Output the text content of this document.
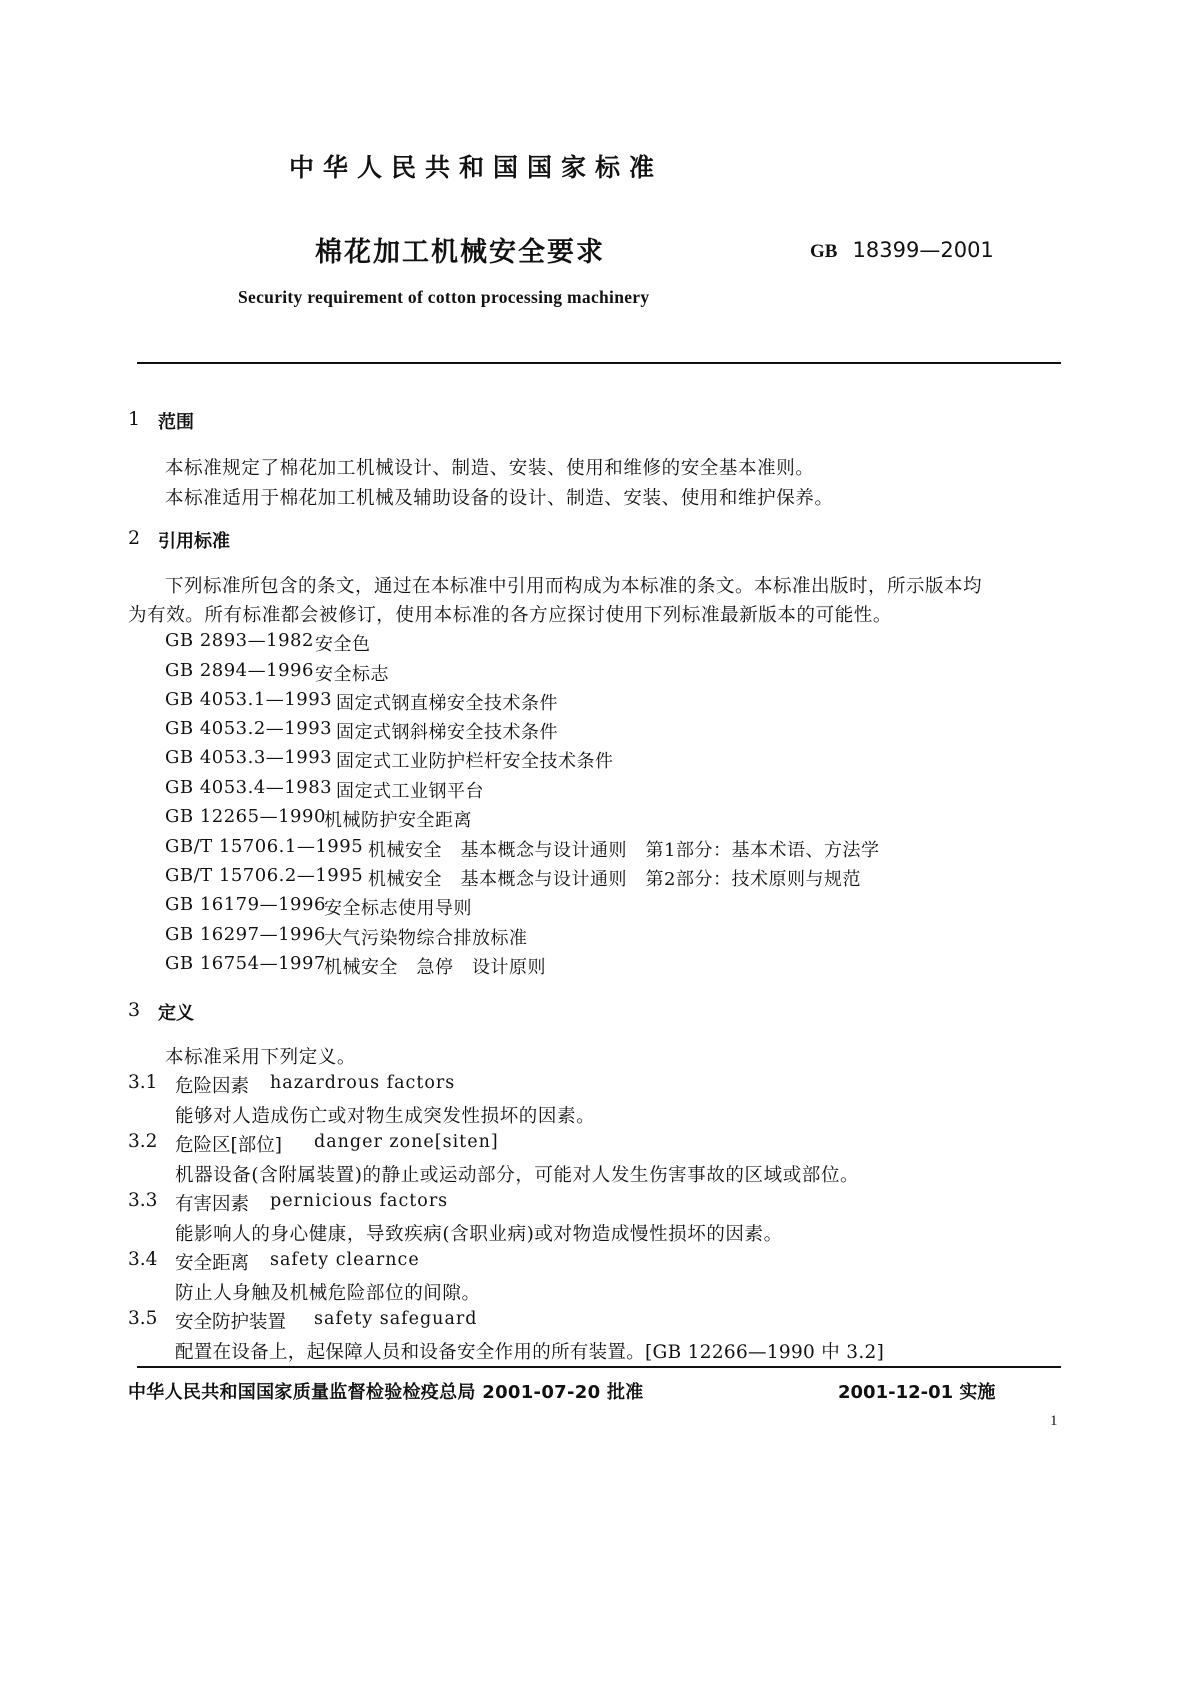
中华人民共和国国家标准
棉花加工机械安全要求	GB 18399—2001
Security requirement of cotton processing machinery
1 范围
本标准规定了棉花加工机械设计、制造、安装、使用和维修的安全基本准则。
本标准适用于棉花加工机械及辅助设备的设计、制造、安装、使用和维护保养。
2 引用标准
下列标准所包含的条文，通过在本标准中引用而构成为本标准的条文。本标准出版时，所示版本均
为有效。所有标准都会被修订，使用本标准的各方应探讨使用下列标准最新版本的可能性。
GB 2893—1982 安全色
GB 2894—1996 安全标志
GB 4053.1—1993 固定式钢直梯安全技术条件
GB 4053.2—1993 固定式钢斜梯安全技术条件
GB 4053.3—1993 固定式工业防护栏杆安全技术条件
GB 4053.4—1983 固定式工业钢平台
GB 12265—1990
机械防护安全距离
GB/T 15706.1—1995 机械安全　基本概念与设计通则　第1部分：基本术语、方法学
GB/T 15706.2—1995 机械安全　基本概念与设计通则　第2部分：技术原则与规范
GB 16179—1996
安全标志使用导则
GB 16297—1996
大气污染物综合排放标准
GB 16754—1997
机械安全　急停　设计原则
3 定义
本标准采用下列定义。
3.1 危险因素 hazardrous factors
能够对人造成伤亡或对物生成突发性损坏的因素。
3.2 危险区[部位] danger zone[siten]
机器设备(含附属装置)的静止或运动部分，可能对人发生伤害事故的区域或部位。
3.3 有害因素 pernicious factors
能影响人的身心健康，导致疾病(含职业病)或对物造成慢性损坏的因素。
3.4 安全距离 safety clearnce
防止人身触及机械危险部位的间隙。
3.5 安全防护装置 safety safeguard
配置在设备上，起保障人员和设备安全作用的所有装置。[GB 12266—1990 中 3.2]
中华人民共和国国家质量监督检验检疫总局 2001-07-20 批准	2001-12-01 实施
1
